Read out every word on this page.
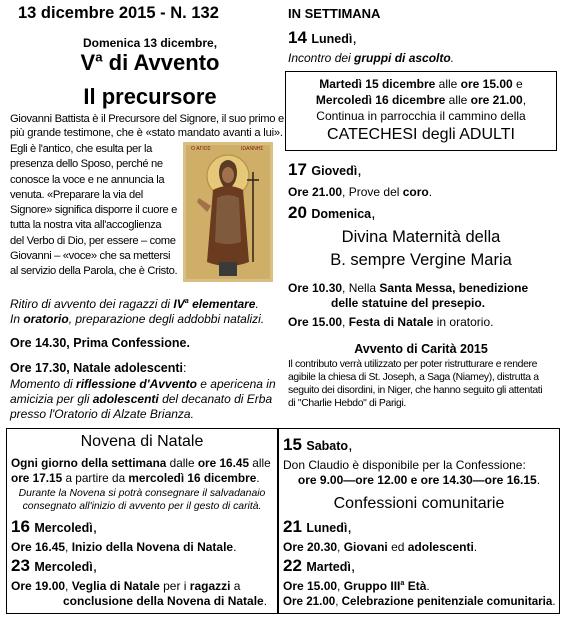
13 dicembre 2015 - N. 132	IN SETTIMANA
Domenica 13 dicembre,
$V^a$ di Avvento
Il precursore
Giovanni Battista è il Precursore del Signore, il suo primo e
più grande testimone, che è «stato mandato avanti a lui».
Egli è l'antico, che esulta per la
presenza dello Sposo, perché ne
conosce la voce e ne annuncia la
venuta. «Preparare la via del
Signore» significa disporre il cuore e
tutta la nostra vita all'accoglienza
del Verbo di Dio, per essere – come
Giovanni – «voce» che sa mettersi
al servizio della Parola, che è Cristo.
O ΑΓΙΟΣ	ΙΩΑΝΝΗΣ
Ritiro di avvento dei ragazzi di $IV^a$ elementare.
In oratorio, preparazione degli addobbi natalizi.
Ore 14.30, Prima Confessione.
Ore 17.30, Natale adolescenti:
Momento di riflessione d'Avvento e apericena in
amicizia per gli adolescenti del decanato di Erba
presso l'Oratorio di Alzate Brianza.
14 Lunedì,
Incontro dei gruppi di ascolto.
Martedì 15 dicembre alle ore 15.00 e
Mercoledì 16 dicembre alle ore 21.00,
Continua in parrocchia il cammino della
CATECHESI degli ADULTI
17 Giovedì,
Ore 21.00, Prove del coro.
20 Domenica,
Divina Maternità della
B. sempre Vergine Maria
Ore 10.30, Nella Santa Messa, benedizione
delle statuine del presepio.
Ore 15.00, Festa di Natale in oratorio.
Avvento di Carità 2015
Il contributo verrà utilizzato per poter ristrutturare e rendere
agibile la chiesa di St. Joseph, a Saga (Niamey), distrutta a
seguito dei disordini, in Niger, che hanno seguito gli attentati
di "Charlie Hebdo" di Parigi.
Novena di Natale
Ogni giorno della settimana dalle ore 16.45 alle
ore 17.15 a partire da mercoledì 16 dicembre.
Durante la Novena si potrà consegnare il salvadanaio
consegnato all'inizio di avvento per il gesto di carità.
16 Mercoledì,
Ore 16.45, Inizio della Novena di Natale.
23 Mercoledì,
Ore 19.00, Veglia di Natale per i ragazzi a
conclusione della Novena di Natale.
15 Sabato,
Don Claudio è disponibile per la Confessione:
ore 9.00—ore 12.00 e ore 14.30—ore 16.15.
Confessioni comunitarie
21 Lunedì,
Ore 20.30, Giovani ed adolescenti.
22 Martedì,
Ore 15.00, Gruppo III$^a$ Età.
Ore 21.00, Celebrazione penitenziale comunitaria.
